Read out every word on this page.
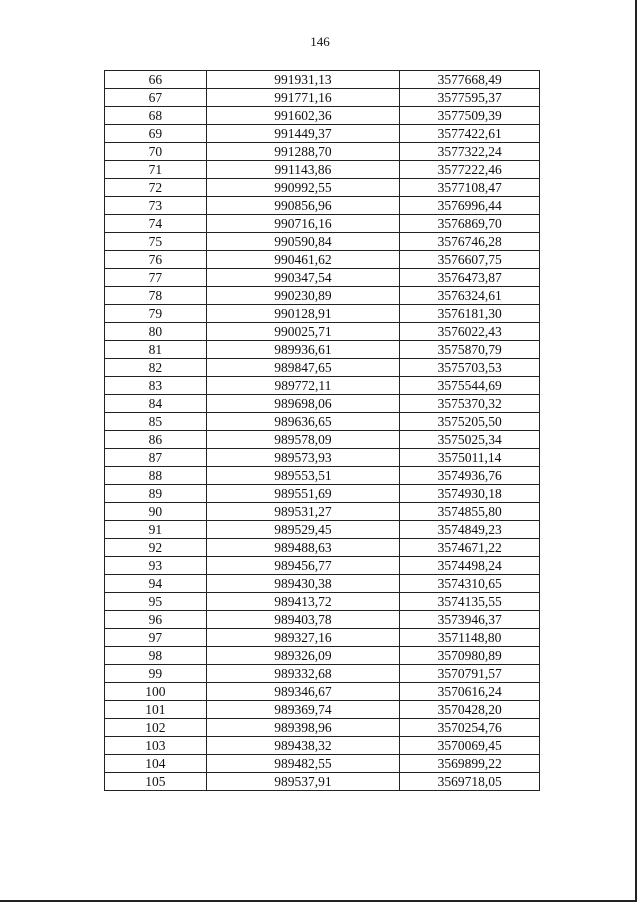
146
66	991931,13	3577668,49
67	991771,16	3577595,37
68	991602,36	3577509,39
69	991449,37	3577422,61
70	991288,70	3577322,24
71	991143,86	3577222,46
72	990992,55	3577108,47
73	990856,96	3576996,44
74	990716,16	3576869,70
75	990590,84	3576746,28
76	990461,62	3576607,75
77	990347,54	3576473,87
78	990230,89	3576324,61
79	990128,91	3576181,30
80	990025,71	3576022,43
81	989936,61	3575870,79
82	989847,65	3575703,53
83	989772,11	3575544,69
84	989698,06	3575370,32
85	989636,65	3575205,50
86	989578,09	3575025,34
87	989573,93	3575011,14
88	989553,51	3574936,76
89	989551,69	3574930,18
90	989531,27	3574855,80
91	989529,45	3574849,23
92	989488,63	3574671,22
93	989456,77	3574498,24
94	989430,38	3574310,65
95	989413,72	3574135,55
96	989403,78	3573946,37
97	989327,16	3571148,80
98	989326,09	3570980,89
99	989332,68	3570791,57
100	989346,67	3570616,24
101	989369,74	3570428,20
102	989398,96	3570254,76
103	989438,32	3570069,45
104	989482,55	3569899,22
105	989537,91	3569718,05
